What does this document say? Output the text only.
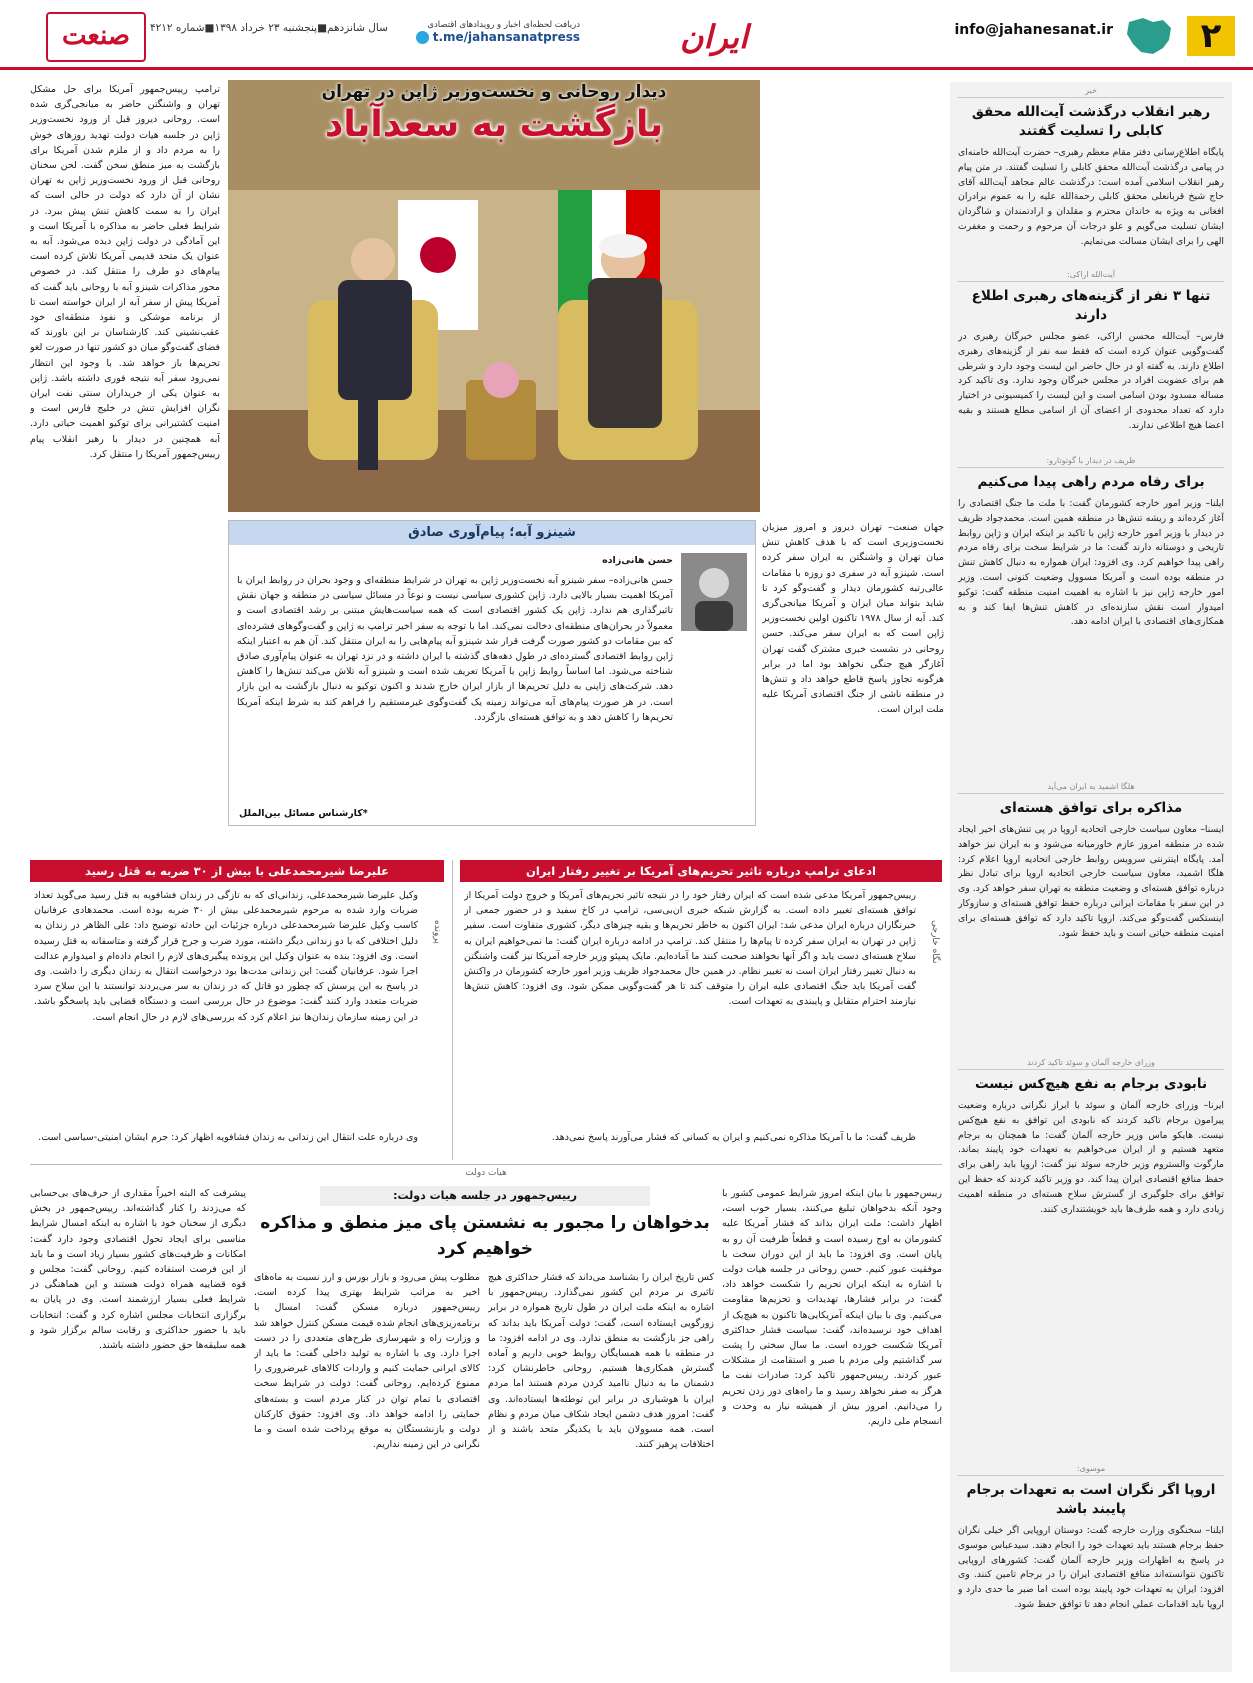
۲
info@jahanesanat.ir
ایران
دریافت لحظه‌ای اخبار و رویدادهای اقتصادی
t.me/jahansanatpress
سال شانزدهم■پنجشنبه ۲۳ خرداد ۱۳۹۸■شماره ۴۲۱۲
صنعت
خبر
رهبر انقلاب درگذشت آیت‌الله محقق کابلی را تسلیت گفتند
پایگاه اطلاع‌رسانی دفتر مقام معظم رهبری– حضرت آیت‌الله خامنه‌ای در پیامی درگذشت آیت‌الله محقق کابلی را تسلیت گفتند. در متن پیام رهبر انقلاب اسلامی آمده است: درگذشت عالم مجاهد آیت‌الله آقای حاج شیخ قربانعلی محقق کابلی رحمةالله علیه را به عموم برادران افغانی به ویژه به خاندان محترم و مقلدان و ارادتمندان و شاگردان ایشان تسلیت می‌گویم و علو درجات آن مرحوم و رحمت و مغفرت الهی را برای ایشان مسالت می‌نمایم.
آیت‌الله اراکی:
تنها ۳ نفر از گزینه‌های رهبری اطلاع دارند
فارس– آیت‌الله محسن اراکی، عضو مجلس خبرگان رهبری در گفت‌وگویی عنوان کرده است که فقط سه نفر از گزینه‌های رهبری اطلاع دارند. به گفته او در حال حاضر این لیست وجود دارد و شرطی هم برای عضویت افراد در مجلس خبرگان وجود ندارد. وی تاکید کرد مساله مسدود بودن اسامی است و این لیست را کمیسیونی در اختیار دارد که تعداد محدودی از اعضای آن از اسامی مطلع هستند و بقیه اعضا هیچ اطلاعی ندارند.
ظریف در دیدار با گوتوتارو:
برای رفاه مردم راهی پیدا می‌کنیم
ایلنا– وزیر امور خارجه کشورمان گفت: با ملت ما جنگ اقتصادی را آغاز کرده‌اند و ریشه تنش‌ها در منطقه همین است. محمدجواد ظریف در دیدار با وزیر امور خارجه ژاپن با تاکید بر اینکه ایران و ژاپن روابط تاریخی و دوستانه دارند گفت: ما در شرایط سخت برای رفاه مردم راهی پیدا خواهیم کرد. وی افزود: ایران همواره به دنبال کاهش تنش در منطقه بوده است و آمریکا مسوول وضعیت کنونی است. وزیر امور خارجه ژاپن نیز با اشاره به اهمیت امنیت منطقه گفت: توکیو امیدوار است نقش سازنده‌ای در کاهش تنش‌ها ایفا کند و به همکاری‌های اقتصادی با ایران ادامه دهد.
هلگا اشمید به ایران می‌آید
مذاکره برای توافق هسته‌ای
ایسنا– معاون سیاست خارجی اتحادیه اروپا در پی تنش‌های اخیر ایجاد شده در منطقه امروز عازم خاورمیانه می‌شود و به ایران نیز خواهد آمد. پایگاه اینترنتی سرویس روابط خارجی اتحادیه اروپا اعلام کرد: هلگا اشمید، معاون سیاست خارجی اتحادیه اروپا برای تبادل نظر درباره توافق هسته‌ای و وضعیت منطقه به تهران سفر خواهد کرد. وی در این سفر با مقامات ایرانی درباره حفظ توافق هسته‌ای و سازوکار اینستکس گفت‌وگو می‌کند. اروپا تاکید دارد که توافق هسته‌ای برای امنیت منطقه حیاتی است و باید حفظ شود.
وزرای خارجه آلمان و سوئد تاکید کردند
نابودی برجام به نفع هیچ‌کس نیست
ایرنا– وزرای خارجه آلمان و سوئد با ابراز نگرانی درباره وضعیت پیرامون برجام تاکید کردند که نابودی این توافق به نفع هیچ‌کس نیست. هایکو ماس وزیر خارجه آلمان گفت: ما همچنان به برجام متعهد هستیم و از ایران می‌خواهیم به تعهدات خود پایبند بماند. مارگوت والستروم وزیر خارجه سوئد نیز گفت: اروپا باید راهی برای حفظ منافع اقتصادی ایران پیدا کند. دو وزیر تاکید کردند که حفظ این توافق برای جلوگیری از گسترش سلاح هسته‌ای در منطقه اهمیت زیادی دارد و همه طرف‌ها باید خویشتنداری کنند.
موسوی:
اروپا اگر نگران است به تعهدات برجام پایبند باشد
ایلنا– سخنگوی وزارت خارجه گفت: دوستان اروپایی اگر خیلی نگران حفظ برجام هستند باید تعهدات خود را انجام دهند. سیدعباس موسوی در پاسخ به اظهارات وزیر خارجه آلمان گفت: کشورهای اروپایی تاکنون نتوانسته‌اند منافع اقتصادی ایران را در برجام تامین کنند. وی افزود: ایران به تعهدات خود پایبند بوده است اما صبر ما حدی دارد و اروپا باید اقدامات عملی انجام دهد تا توافق حفظ شود.
دیدار روحانی و نخست‌وزیر ژاپن در تهران
بازگشت به سعدآباد
ترامپ رییس‌جمهور آمریکا برای حل مشکل تهران و واشنگتن حاضر به میانجی‌گری شده است. روحانی دیروز قبل از ورود نخست‌وزیر ژاپن در جلسه هیات دولت تهدید روزهای خوش را به مردم داد و از ملزم شدن آمریکا برای بازگشت به میز منطق سخن گفت. لحن سخنان روحانی قبل از ورود نخست‌وزیر ژاپن به تهران نشان از آن دارد که دولت در حالی است که ایران را به سمت کاهش تنش پیش ببرد. در شرایط فعلی حاضر به مذاکره با آمریکا است و این آمادگی در دولت ژاپن دیده می‌شود. آبه به عنوان یک متحد قدیمی آمریکا تلاش کرده است پیام‌های دو طرف را منتقل کند. در خصوص محور مذاکرات شینزو آبه با روحانی باید گفت که آمریکا پیش از سفر آبه از ایران خواسته است تا از برنامه موشکی و نفوذ منطقه‌ای خود عقب‌نشینی کند. کارشناسان بر این باورند که فضای گفت‌وگو میان دو کشور تنها در صورت لغو تحریم‌ها باز خواهد شد. با وجود این انتظار نمی‌رود سفر آبه نتیجه فوری داشته باشد. ژاپن به عنوان یکی از خریداران سنتی نفت ایران نگران افزایش تنش در خلیج فارس است و امنیت کشتیرانی برای توکیو اهمیت حیاتی دارد. آبه همچنین در دیدار با رهبر انقلاب پیام رییس‌جمهور آمریکا را منتقل کرد.
جهان صنعت– تهران دیروز و امروز میزبان نخست‌وزیری است که با هدف کاهش تنش میان تهران و واشنگتن به ایران سفر کرده است. شینزو آبه در سفری دو روزه با مقامات عالی‌رتبه کشورمان دیدار و گفت‌وگو کرد تا شاید بتواند میان ایران و آمریکا میانجی‌گری کند. آبه از سال ۱۹۷۸ تاکنون اولین نخست‌وزیر ژاپن است که به ایران سفر می‌کند. حسن روحانی در نشست خبری مشترک گفت تهران آغازگر هیچ جنگی نخواهد بود اما در برابر هرگونه تجاوز پاسخ قاطع خواهد داد و تنش‌ها در منطقه ناشی از جنگ اقتصادی آمریکا علیه ملت ایران است.
شینزو آبه؛ پیام‌آوری صادق
حسن هانی‌زاده
حسن هانی‌زاده– سفر شینزو آبه نخست‌وزیر ژاپن به تهران در شرایط منطقه‌ای و وجود بحران در روابط ایران با آمریکا اهمیت بسیار بالایی دارد. ژاپن کشوری سیاسی نیست و نوعاً در مسائل سیاسی در منطقه و جهان نقش تاثیرگذاری هم ندارد. ژاپن یک کشور اقتصادی است که همه سیاست‌هایش مبتنی بر رشد اقتصادی است و معمولاً در بحران‌های منطقه‌ای دخالت نمی‌کند. اما با توجه به سفر اخیر ترامپ به ژاپن و گفت‌وگوهای فشرده‌ای که بین مقامات دو کشور صورت گرفت قرار شد شینزو آبه پیام‌هایی را به ایران منتقل کند. آن هم به اعتبار اینکه ژاپن روابط اقتصادی گسترده‌ای در طول دهه‌های گذشته با ایران داشته و در نزد تهران به عنوان پیام‌آوری صادق شناخته می‌شود. اما اساساً روابط ژاپن با آمریکا تعریف شده است و شینزو آبه تلاش می‌کند تنش‌ها را کاهش دهد. شرکت‌های ژاپنی به دلیل تحریم‌ها از بازار ایران خارج شدند و اکنون توکیو به دنبال بازگشت به این بازار است. در هر صورت پیام‌های آبه می‌تواند زمینه یک گفت‌وگوی غیرمستقیم را فراهم کند به شرط اینکه آمریکا تحریم‌ها را کاهش دهد و به توافق هسته‌ای بازگردد.
*کارشناس مسائل بین‌الملل
ادعای ترامپ درباره تاثیر تحریم‌های آمریکا بر تغییر رفتار ایران
نگاه خارجی
رییس‌جمهور آمریکا مدعی شده است که ایران رفتار خود را در نتیجه تاثیر تحریم‌های آمریکا و خروج دولت آمریکا از توافق هسته‌ای تغییر داده است. به گزارش شبکه خبری ان‌بی‌سی، ترامپ در کاخ سفید و در حضور جمعی از خبرنگاران درباره ایران مدعی شد: ایران اکنون به خاطر تحریم‌ها و بقیه چیزهای دیگر، کشوری متفاوت است. سفیر ژاپن در تهران به ایران سفر کرده تا پیام‌ها را منتقل کند. ترامپ در ادامه درباره ایران گفت: ما نمی‌خواهیم ایران به سلاح هسته‌ای دست یابد و اگر آنها بخواهند صحبت کنند ما آماده‌ایم. مایک پمپئو وزیر خارجه آمریکا نیز گفت واشنگتن به دنبال تغییر رفتار ایران است نه تغییر نظام. در همین حال محمدجواد ظریف وزیر امور خارجه کشورمان در واکنش گفت آمریکا باید جنگ اقتصادی علیه ایران را متوقف کند تا هر گفت‌وگویی ممکن شود. وی افزود: کاهش تنش‌ها نیازمند احترام متقابل و پایبندی به تعهدات است.
ظریف گفت: ما با آمریکا مذاکره نمی‌کنیم و ایران به کسانی که فشار می‌آورند پاسخ نمی‌دهد.
علیرضا شیرمحمدعلی با بیش از ۳۰ ضربه به قتل رسید
پرونده
وکیل علیرضا شیرمحمدعلی، زندانی‌ای که به تازگی در زندان فشافویه به قتل رسید می‌گوید تعداد ضربات وارد شده به مرحوم شیرمحمدعلی بیش از ۳۰ ضربه بوده است. محمدهادی عرفانیان کاسب وکیل علیرضا شیرمحمدعلی درباره جزئیات این حادثه توضیح داد: علی الظاهر در زندان به دلیل اختلافی که با دو زندانی دیگر داشته، مورد ضرب و جرح قرار گرفته و متاسفانه به قتل رسیده است. وی افزود: بنده به عنوان وکیل این پرونده پیگیری‌های لازم را انجام داده‌ام و امیدوارم عدالت اجرا شود. عرفانیان گفت: این زندانی مدت‌ها بود درخواست انتقال به زندان دیگری را داشت. وی در پاسخ به این پرسش که چطور دو قاتل که در زندان به سر می‌بردند توانستند با این سلاح سرد ضربات متعدد وارد کنند گفت: موضوع در حال بررسی است و دستگاه قضایی باید پاسخگو باشد. در این زمینه سازمان زندان‌ها نیز اعلام کرد که بررسی‌های لازم در حال انجام است.
وی درباره علت انتقال این زندانی به زندان فشافویه اظهار کرد: جرم ایشان امنیتی-سیاسی است.
هیات دولت
رییس‌جمهور در جلسه هیات دولت:
بدخواهان را مجبور به نشستن پای میز منطق و مذاکره خواهیم کرد
رییس‌جمهور با بیان اینکه امروز شرایط عمومی کشور با وجود آنکه بدخواهان تبلیغ می‌کنند، بسیار خوب است، اظهار داشت: ملت ایران بداند که فشار آمریکا علیه کشورمان به اوج رسیده است و قطعاً ظرفیت آن رو به پایان است. وی افزود: ما باید از این دوران سخت با موفقیت عبور کنیم. حسن روحانی در جلسه هیات دولت با اشاره به اینکه ایران تحریم را شکست خواهد داد، گفت: در برابر فشارها، تهدیدات و تحریم‌ها مقاومت می‌کنیم. وی با بیان اینکه آمریکایی‌ها تاکنون به هیچ‌یک از اهداف خود نرسیده‌اند، گفت: سیاست فشار حداکثری آمریکا شکست خورده است. ما سال سختی را پشت سر گذاشتیم ولی مردم با صبر و استقامت از مشکلات عبور کردند. رییس‌جمهور تاکید کرد: صادرات نفت ما هرگز به صفر نخواهد رسید و ما راه‌های دور زدن تحریم را می‌دانیم. امروز بیش از همیشه نیاز به وحدت و انسجام ملی داریم.
کس تاریخ ایران را بشناسد می‌داند که فشار حداکثری هیچ تاثیری بر مردم این کشور نمی‌گذارد. رییس‌جمهور با اشاره به اینکه ملت ایران در طول تاریخ همواره در برابر زورگویی ایستاده است، گفت: دولت آمریکا باید بداند که راهی جز بازگشت به منطق ندارد. وی در ادامه افزود: ما در منطقه با همه همسایگان روابط خوبی داریم و آماده گسترش همکاری‌ها هستیم. روحانی خاطرنشان کرد: دشمنان ما به دنبال ناامید کردن مردم هستند اما مردم ایران با هوشیاری در برابر این توطئه‌ها ایستاده‌اند. وی گفت: امروز هدف دشمن ایجاد شکاف میان مردم و نظام است. همه مسوولان باید با یکدیگر متحد باشند و از اختلافات پرهیز کنند.
مطلوب پیش می‌رود و بازار بورس و ارز نسبت به ماه‌های اخیر به مراتب شرایط بهتری پیدا کرده است. رییس‌جمهور درباره مسکن گفت: امسال با برنامه‌ریزی‌های انجام شده قیمت مسکن کنترل خواهد شد و وزارت راه و شهرسازی طرح‌های متعددی را در دست اجرا دارد. وی با اشاره به تولید داخلی گفت: ما باید از کالای ایرانی حمایت کنیم و واردات کالاهای غیرضروری را ممنوع کرده‌ایم. روحانی گفت: دولت در شرایط سخت اقتصادی با تمام توان در کنار مردم است و بسته‌های حمایتی را ادامه خواهد داد. وی افزود: حقوق کارکنان دولت و بازنشستگان به موقع پرداخت شده است و ما نگرانی در این زمینه نداریم.
پیشرفت که البته اخیراً مقداری از حرف‌های بی‌حسابی که می‌زدند را کنار گذاشته‌اند. رییس‌جمهور در بخش دیگری از سخنان خود با اشاره به اینکه امسال شرایط مناسبی برای ایجاد تحول اقتصادی وجود دارد گفت: امکانات و ظرفیت‌های کشور بسیار زیاد است و ما باید از این فرصت استفاده کنیم. روحانی گفت: مجلس و قوه قضاییه همراه دولت هستند و این هماهنگی در شرایط فعلی بسیار ارزشمند است. وی در پایان به برگزاری انتخابات مجلس اشاره کرد و گفت: انتخابات باید با حضور حداکثری و رقابت سالم برگزار شود و همه سلیقه‌ها حق حضور داشته باشند.
